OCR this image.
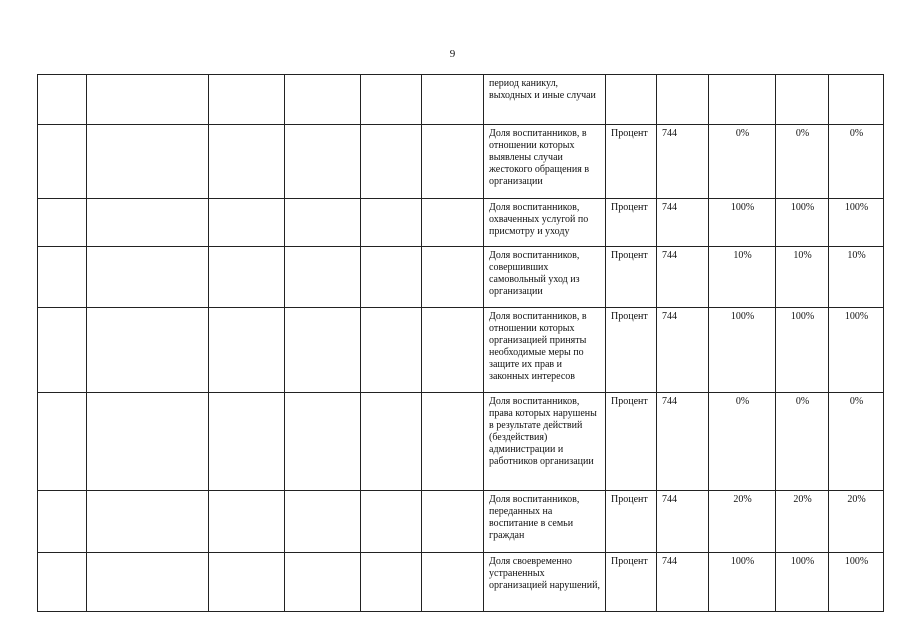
9
						период каникул, выходных и иные случаи					
						Доля воспитанников, в отношении которых выявлены случаи жестокого обращения в организации	Процент	744	0%	0%	0%
						Доля воспитанников, охваченных услугой по присмотру и уходу	Процент	744	100%	100%	100%
						Доля воспитанников, совершивших самовольный уход из организации	Процент	744	10%	10%	10%
						Доля воспитанников, в отношении которых организацией приняты необходимые меры по защите их прав и законных интересов	Процент	744	100%	100%	100%
						Доля воспитанников, права которых нарушены в результате действий (бездействия) администрации и работников организации	Процент	744	0%	0%	0%
						Доля воспитанников, переданных на воспитание в семьи граждан	Процент	744	20%	20%	20%
						Доля своевременно устраненных организацией нарушений,	Процент	744	100%	100%	100%
